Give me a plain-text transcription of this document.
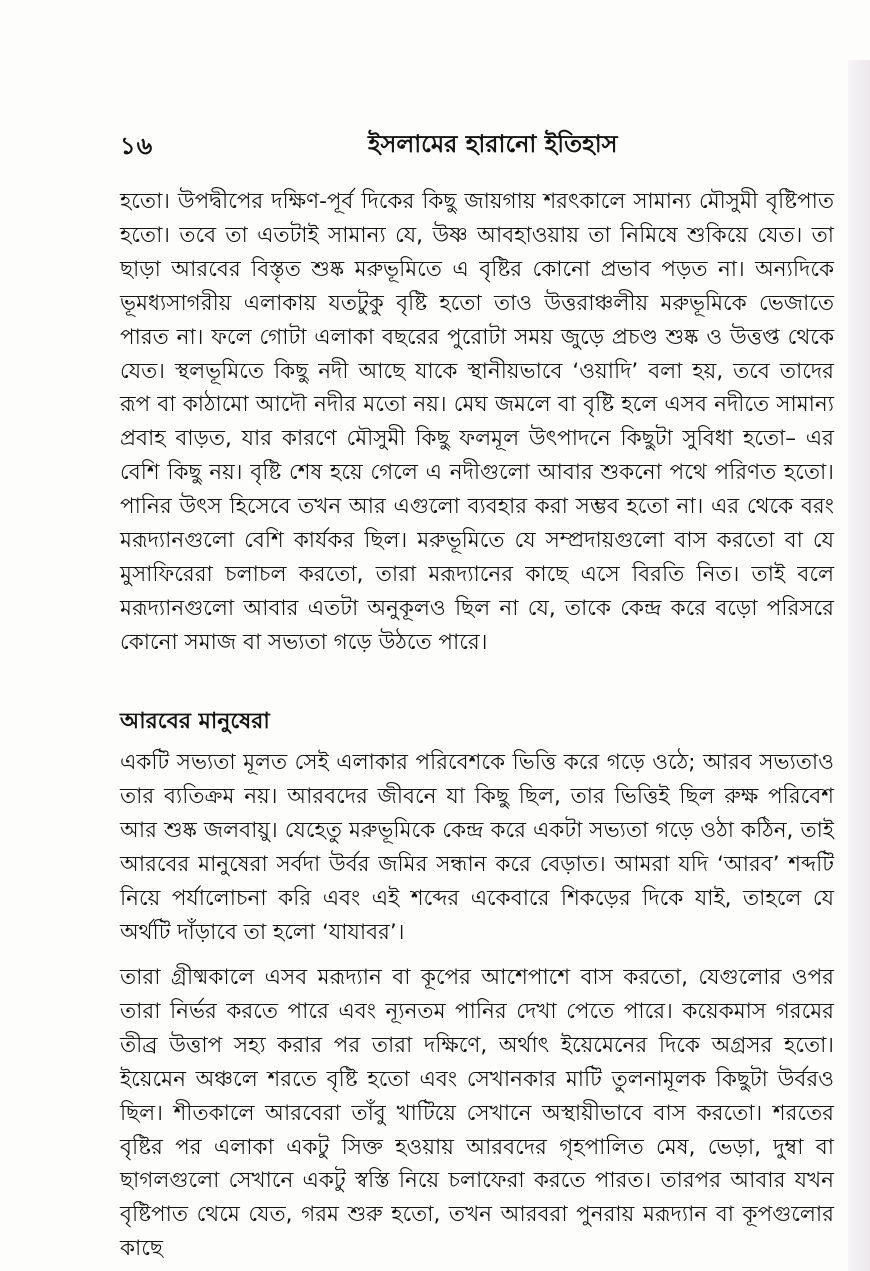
১৬	ইসলামের হারানো ইতিহাস

হতো। উপদ্বীপের দক্ষিণ-পূর্ব দিকের কিছু জায়গায় শরৎকালে সামান্য মৌসুমী বৃষ্টিপাত হতো। তবে তা এতটাই সামান্য যে, উষ্ণ আবহাওয়ায় তা নিমিষে শুকিয়ে যেত। তা ছাড়া আরবের বিস্তৃত শুষ্ক মরুভূমিতে এ বৃষ্টির কোনো প্রভাব পড়ত না। অন্যদিকে ভূমধ্যসাগরীয় এলাকায় যতটুকু বৃষ্টি হতো তাও উত্তরাঞ্চলীয় মরুভূমিকে ভেজাতে পারত না। ফলে গোটা এলাকা বছরের পুরোটা সময় জুড়ে প্রচণ্ড শুষ্ক ও উত্তপ্ত থেকে যেত। স্থলভূমিতে কিছু নদী আছে যাকে স্থানীয়ভাবে ‘ওয়াদি’ বলা হয়, তবে তাদের রূপ বা কাঠামো আদৌ নদীর মতো নয়। মেঘ জমলে বা বৃষ্টি হলে এসব নদীতে সামান্য প্রবাহ বাড়ত, যার কারণে মৌসুমী কিছু ফলমূল উৎপাদনে কিছুটা সুবিধা হতো– এর বেশি কিছু নয়। বৃষ্টি শেষ হয়ে গেলে এ নদীগুলো আবার শুকনো পথে পরিণত হতো। পানির উৎস হিসেবে তখন আর এগুলো ব্যবহার করা সম্ভব হতো না। এর থেকে বরং মরূদ্যানগুলো বেশি কার্যকর ছিল। মরুভূমিতে যে সম্প্রদায়গুলো বাস করতো বা যে মুসাফিরেরা চলাচল করতো, তারা মরূদ্যানের কাছে এসে বিরতি নিত। তাই বলে মরূদ্যানগুলো আবার এতটা অনুকূলও ছিল না যে, তাকে কেন্দ্র করে বড়ো পরিসরে কোনো সমাজ বা সভ্যতা গড়ে উঠতে পারে।

আরবের মানুষেরা

একটি সভ্যতা মূলত সেই এলাকার পরিবেশকে ভিত্তি করে গড়ে ওঠে; আরব সভ্যতাও তার ব্যতিক্রম নয়। আরবদের জীবনে যা কিছু ছিল, তার ভিত্তিই ছিল রুক্ষ পরিবেশ আর শুষ্ক জলবায়ু। যেহেতু মরুভূমিকে কেন্দ্র করে একটা সভ্যতা গড়ে ওঠা কঠিন, তাই আরবের মানুষেরা সর্বদা উর্বর জমির সন্ধান করে বেড়াত। আমরা যদি ‘আরব’ শব্দটি নিয়ে পর্যালোচনা করি এবং এই শব্দের একেবারে শিকড়ের দিকে যাই, তাহলে যে অর্থটি দাঁড়াবে তা হলো ‘যাযাবর’।

তারা গ্রীষ্মকালে এসব মরূদ্যান বা কূপের আশেপাশে বাস করতো, যেগুলোর ওপর তারা নির্ভর করতে পারে এবং ন্যূনতম পানির দেখা পেতে পারে। কয়েকমাস গরমের তীব্র উত্তাপ সহ্য করার পর তারা দক্ষিণে, অর্থাৎ ইয়েমেনের দিকে অগ্রসর হতো। ইয়েমেন অঞ্চলে শরতে বৃষ্টি হতো এবং সেখানকার মাটি তুলনামূলক কিছুটা উর্বরও ছিল। শীতকালে আরবেরা তাঁবু খাটিয়ে সেখানে অস্থায়ীভাবে বাস করতো। শরতের বৃষ্টির পর এলাকা একটু সিক্ত হওয়ায় আরবদের গৃহপালিত মেষ, ভেড়া, দুম্বা বা ছাগলগুলো সেখানে একটু স্বস্তি নিয়ে চলাফেরা করতে পারত। তারপর আবার যখন বৃষ্টিপাত থেমে যেত, গরম শুরু হতো, তখন আরবরা পুনরায় মরূদ্যান বা কূপগুলোর কাছে
